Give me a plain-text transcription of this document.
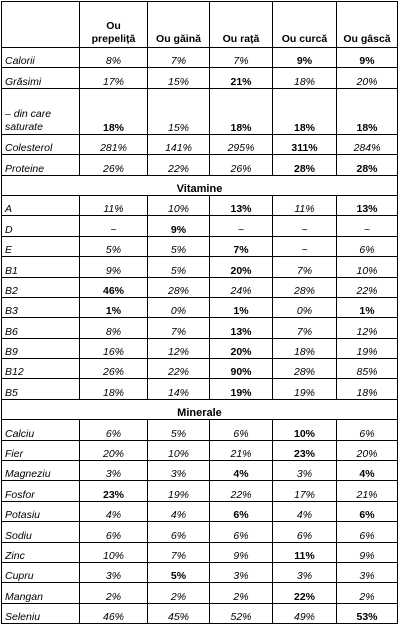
	Ou prepeliță	Ou găină	Ou rață	Ou curcă	Ou gâscă
Calorii	8%	7%	7%	9%	9%
Grăsimi	17%	15%	21%	18%	20%
– din care saturate	18%	15%	18%	18%	18%
Colesterol	281%	141%	295%	311%	284%
Proteine	26%	22%	26%	28%	28%
Vitamine					
A	11%	10%	13%	11%	13%
D	~	9%	~	~	~
E	5%	5%	7%	~	6%
B1	9%	5%	20%	7%	10%
B2	46%	28%	24%	28%	22%
B3	1%	0%	1%	0%	1%
B6	8%	7%	13%	7%	12%
B9	16%	12%	20%	18%	19%
B12	26%	22%	90%	28%	85%
B5	18%	14%	19%	19%	18%
Minerale					
Calciu	6%	5%	6%	10%	6%
Fier	20%	10%	21%	23%	20%
Magneziu	3%	3%	4%	3%	4%
Fosfor	23%	19%	22%	17%	21%
Potasiu	4%	4%	6%	4%	6%
Sodiu	6%	6%	6%	6%	6%
Zinc	10%	7%	9%	11%	9%
Cupru	3%	5%	3%	3%	3%
Mangan	2%	2%	2%	22%	2%
Seleniu	46%	45%	52%	49%	53%
